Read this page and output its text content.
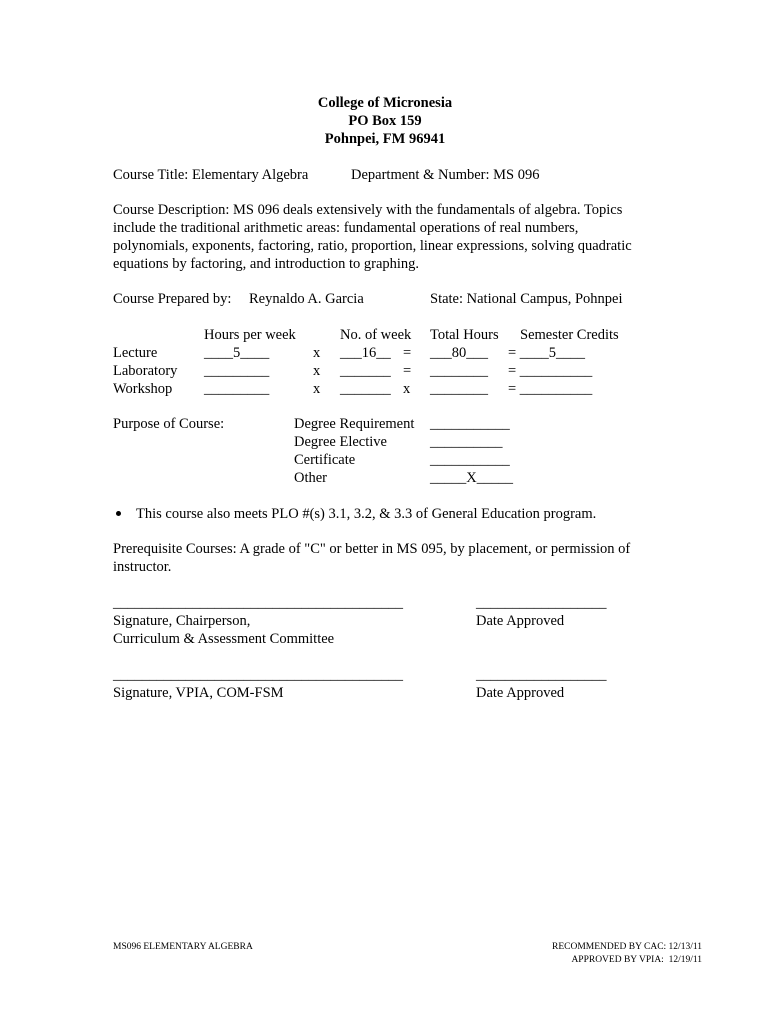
College of Micronesia
PO Box 159
Pohnpei, FM 96941
Course Title: Elementary Algebra	Department & Number: MS 096
Course Description: MS 096 deals extensively with the fundamentals of algebra. Topics
include the traditional arithmetic areas: fundamental operations of real numbers,
polynomials, exponents, factoring, ratio, proportion, linear expressions, solving quadratic
equations by factoring, and introduction to graphing.
Course Prepared by: Reynaldo A. Garcia	State: National Campus, Pohnpei
Hours per week	No. of week Total Hours Semester Credits
Lecture	____5____	x ___16__ = ___80___ = ____5____
Laboratory _________	x _______ = ________ = __________
Workshop _________	x _______ x ________ = __________
Purpose of Course:	Degree Requirement ___________
Degree Elective	__________
Certificate	___________
Other	_____X_____
This course also meets PLO #(s) 3.1, 3.2, & 3.3 of General Education program.
Prerequisite Courses: A grade of "C" or better in MS 095, by placement, or permission of
instructor.
________________________________________	__________________
Signature, Chairperson,	Date Approved
Curriculum & Assessment Committee
________________________________________	__________________
Signature, VPIA, COM-FSM	Date Approved
MS096 ELEMENTARY ALGEBRA	RECOMMENDED BY CAC: 12/13/11
APPROVED BY VPIA:  12/19/11
